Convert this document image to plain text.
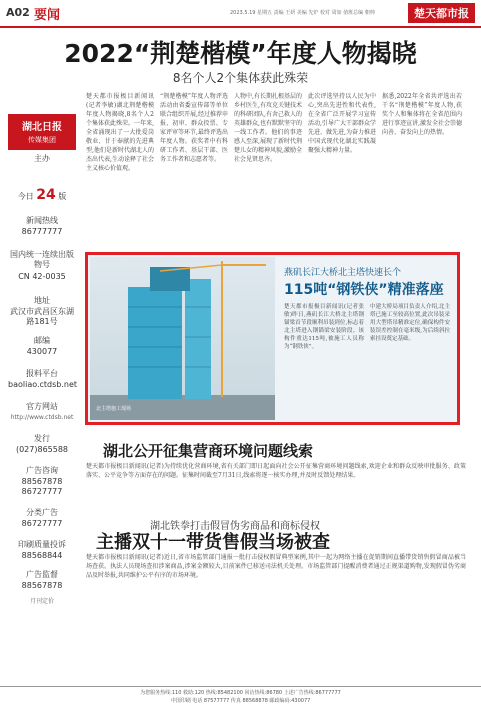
A02 要闻	2023.5.19 星期五 责编 王妍 美编 先炉 校对 周如 值班总编 朝帅	楚天都市报
2022“荆楚楷模”年度人物揭晓
8名个人2个集体获此殊荣
湖北日报
传媒集团
主办
今日 24 版
新闻热线
86777777
国内统一连续出版物号
CN 42-0035
地址
武汉市武昌区东湖路181号
邮编
430077
报料平台
baoliao.ctdsb.net
官方网站
http://www.ctdsb.net
发行
(027)865588
广告咨询
88567878
86727777
分类广告
86727777
印刷质量投诉
88568844
广告监督
88567878
月刊定价
楚天都市报极目新闻讯(记者李敏)湖北荆楚楷模年度人物揭晓,8名个人2个集体获此殊荣。一年来,全省涌现出了一大批爱岗敬业、甘于奉献的先进典型,他们是新时代湖北人的杰出代表,生动诠释了社会主义核心价值观。
“荆楚楷模”年度人物评选活动由省委宣传部等单位联合组织开展,经过推荐申报、初审、群众投票、专家评审等环节,最终评选出年度人物。获奖者中有科研工作者、基层干部、医务工作者和志愿者等。
人物中,有长期扎根基层的乡村医生,有攻克关键技术的科研团队,有舍己救人的英雄群众,也有默默坚守的一线工作者。他们的事迹感人至深,展现了新时代荆楚儿女的精神风貌,激励全社会见贤思齐。
此次评选坚持以人民为中心,突出先进性和代表性,在全省广泛开展学习宣传活动,引导广大干部群众学先进、做先进,为奋力推进中国式现代化湖北实践凝聚强大精神力量。
据悉,2022年全省共评选出若干名“荆楚楷模”年度人物,获奖个人和集体将在全省范围内进行事迹宣讲,激发全社会崇德向善、奋发向上的热情。
北主塔施工现场
燕矶长江大桥北主塔快速长个
115吨“钢铁侠”精准落座
楚天都市报极目新闻讯(记者张敏)昨日,燕矶长江大桥北主塔钢锚梁首节段顺利吊装到位,标志着北主塔进入钢锚梁安装阶段。该构件重达115吨,被施工人员称为“钢铁侠”。
中建大桥局项目负责人介绍,北主塔已施工至较高位置,此次吊装采用大型塔吊精准定位,确保构件安装误差控制在毫米级,为后续斜拉索挂设奠定基础。
湖北公开征集营商环境问题线索
楚天都市报极目新闻讯(记者)为持续优化营商环境,省有关部门即日起面向社会公开征集营商环境问题线索,欢迎企业和群众反映审批服务、政策落实、公平竞争等方面存在的问题。征集时间截至7月31日,线索将逐一核实办理,并及时反馈处理结果。
湖北铁拳打击假冒伪劣商品和商标侵权
主播双十一带货售假当场被查
楚天都市报极目新闻讯(记者)近日,省市场监管部门通报一批打击侵权假冒典型案例,其中一起为网络主播在促销期间直播带货销售假冒商品被当场查获。执法人员现场查扣涉案商品,涉案金额较大,目前案件已移送司法机关处理。市场监管部门提醒消费者通过正规渠道购物,发现假冒伪劣商品及时举报,共同维护公平有序的市场环境。
为您服务热线:110 救助:120 热线:85482100 回访热线:86780 上述广告热线:86777777
中国印刷 电话 87577777 传真 88568878 邮政编码:430077
